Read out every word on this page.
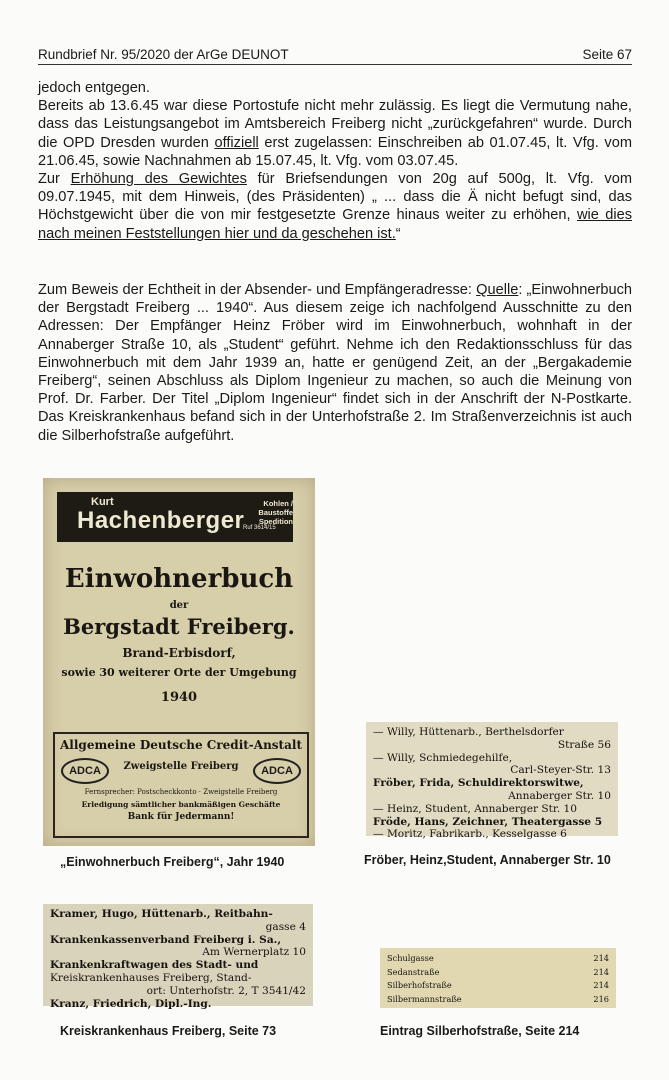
Rundbrief Nr. 95/2020 der ArGe DEUNOT	Seite 67

jedoch entgegen.

Bereits ab 13.6.45 war diese Portostufe nicht mehr zulässig. Es liegt die Vermutung nahe, dass das Leistungsangebot im Amtsbereich Freiberg nicht „zurückgefahren“ wurde. Durch die OPD Dresden wurden offiziell erst zugelassen: Einschreiben ab 01.07.45, lt. Vfg. vom 21.06.45, sowie Nachnahmen ab 15.07.45, lt. Vfg. vom 03.07.45.

Zur Erhöhung des Gewichtes für Briefsendungen von 20g auf 500g, lt. Vfg. vom 09.07.1945, mit dem Hinweis, (des Präsidenten) „ ... dass die Ä nicht befugt sind, das Höchstgewicht über die von mir festgesetzte Grenze hinaus weiter zu erhöhen, wie dies nach meinen Feststellungen hier und da geschehen ist.“

Zum Beweis der Echtheit in der Absender- und Empfängeradresse: Quelle: „Einwohnerbuch der Bergstadt Freiberg ... 1940“. Aus diesem zeige ich nachfolgend Ausschnitte zu den Adressen: Der Empfänger Heinz Fröber wird im Einwohnerbuch, wohnhaft in der Annaberger Straße 10, als „Student“ geführt. Nehme ich den Redaktionsschluss für das Einwohnerbuch mit dem Jahr 1939 an, hatte er genügend Zeit, an der „Bergakademie Freiberg“, seinen Abschluss als Diplom Ingenieur zu machen, so auch die Meinung von Prof. Dr. Farber. Der Titel „Diplom Ingenieur“ findet sich in der Anschrift der N-Postkarte. Das Kreiskrankenhaus befand sich in der Unterhofstraße 2. Im Straßenverzeichnis ist auch die Silberhofstraße aufgeführt.

Kurt
Hachenberger
Kohlen / Baustoffe
Spedition
Ruf 3614/15
Einwohnerbuch
der
Bergstadt Freiberg.
Brand-Erbisdorf,
sowie 30 weiterer Orte der Umgebung
1940
Allgemeine Deutsche Credit-Anstalt
ADCA	ADCA
Zweigstelle Freiberg
Fernsprecher: Postscheckkonto · Zweigstelle Freiberg
Erledigung sämtlicher bankmäßigen Geschäfte
Bank für Jedermann!
„Einwohnerbuch Freiberg“, Jahr 1940
— Willy, Hüttenarb., Berthelsdorfer
Straße 56
— Willy, Schmiedegehilfe,
Carl-Steyer-Str. 13
Fröber, Frida, Schuldirektorswitwe,
Annaberger Str. 10
— Heinz, Student, Annaberger Str. 10
Fröde, Hans, Zeichner, Theatergasse 5
— Moritz, Fabrikarb., Kesselgasse 6
Fröber, Heinz,Student, Annaberger Str. 10
Kramer, Hugo, Hüttenarb., Reitbahn-
gasse 4
Krankenkassenverband Freiberg i. Sa.,
Am Wernerplatz 10
Krankenkraftwagen des Stadt- und
Kreiskrankenhauses Freiberg, Stand-
ort: Unterhofstr. 2, T 3541/42
Kranz, Friedrich, Dipl.-Ing.
Kreiskrankenhaus Freiberg, Seite 73
Schulgasse	214
Sedanstraße	214
Silberhofstraße	214
Silbermannstraße	216
Eintrag Silberhofstraße, Seite 214
